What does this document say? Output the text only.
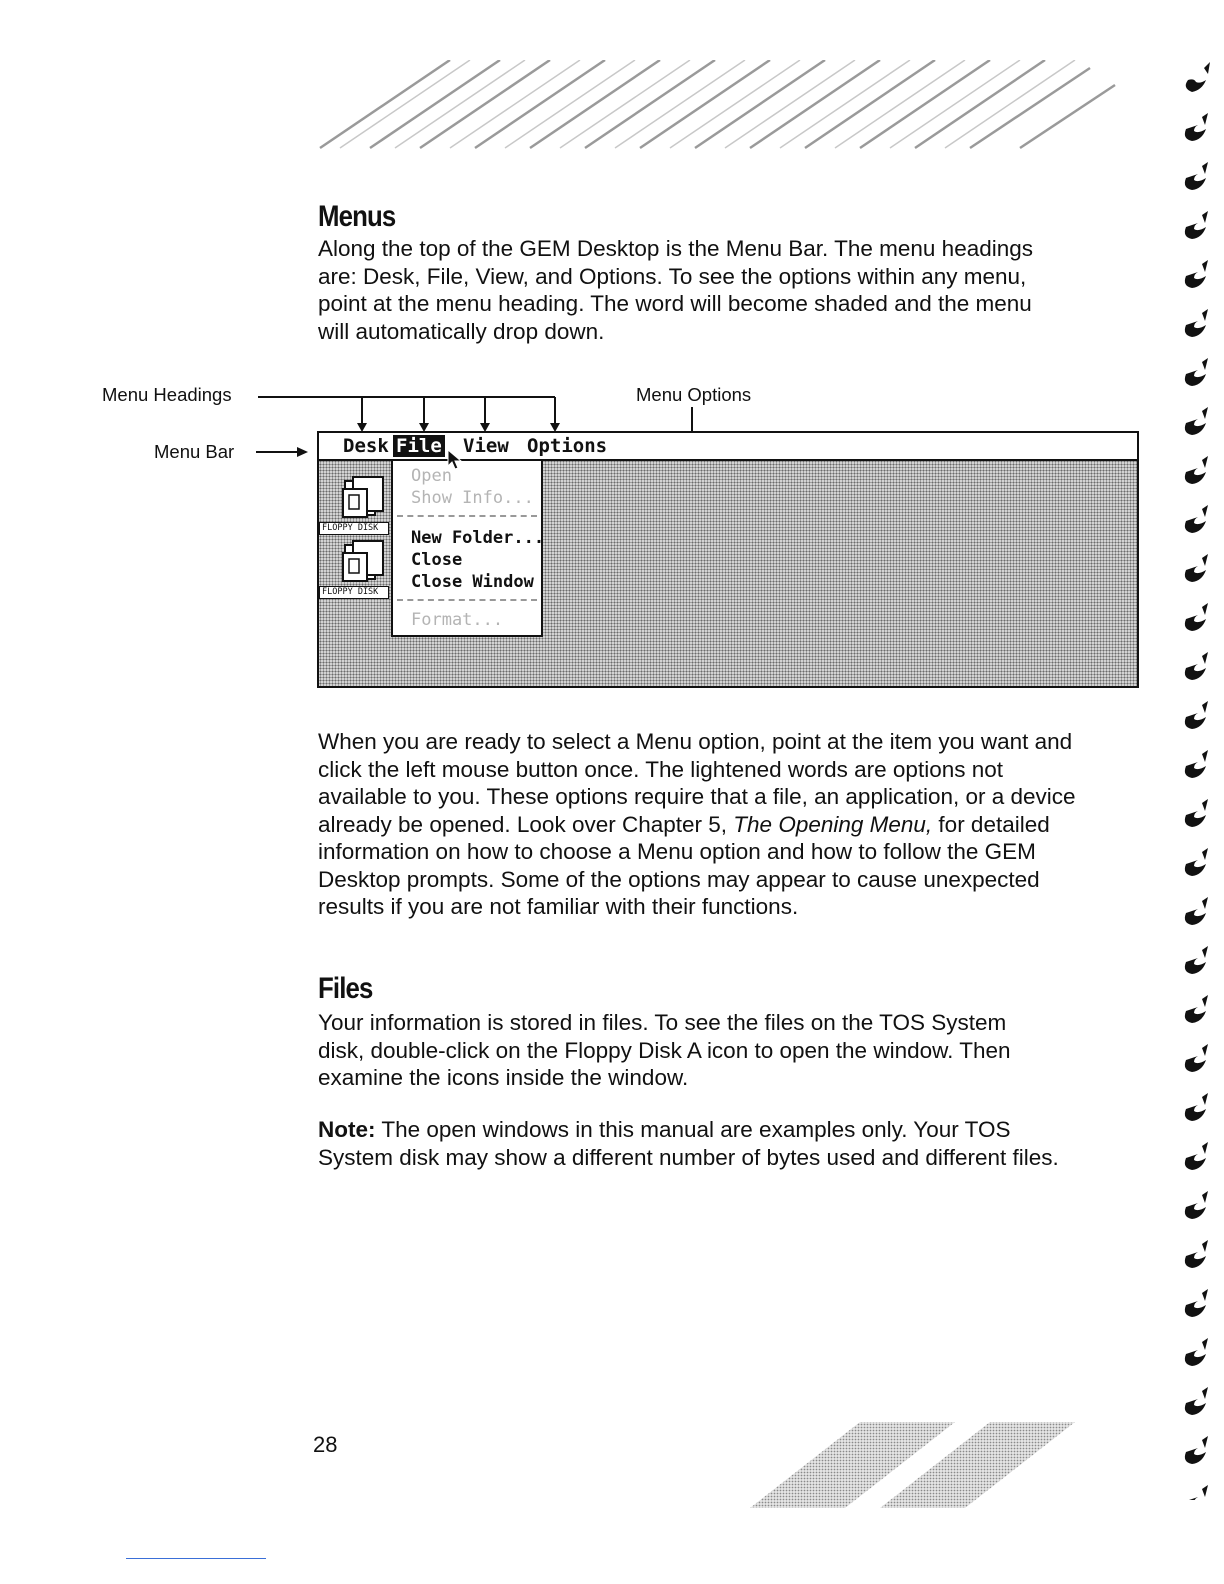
Menus

Along the top of the GEM Desktop is the Menu Bar. The menu headings are: Desk, File, View, and Options. To see the options within any menu, point at the menu heading. The word will become shaded and the menu will automatically drop down.

Menu Headings
Menu Bar
Menu Options
Desk File View Options
FLOPPY DISK
FLOPPY DISK
Open
Show Info...
New Folder...
Close
Close Window
Format...

When you are ready to select a Menu option, point at the item you want and click the left mouse button once. The lightened words are options not available to you. These options require that a file, an application, or a device already be opened. Look over Chapter 5, The Opening Menu, for detailed information on how to choose a Menu option and how to follow the GEM Desktop prompts. Some of the options may appear to cause unexpected results if you are not familiar with their functions.

Files

Your information is stored in files. To see the files on the TOS System disk, double-click on the Floppy Disk A icon to open the window. Then examine the icons inside the window.

Note: The open windows in this manual are examples only. Your TOS System disk may show a different number of bytes used and different files.

28
